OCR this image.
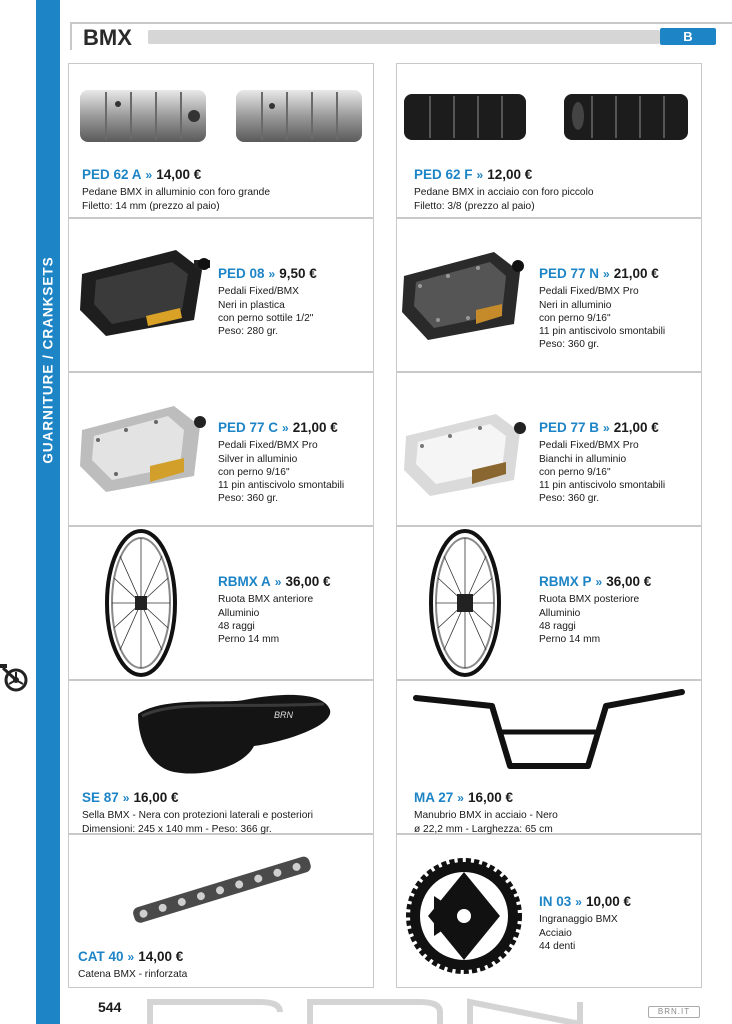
GUARNITURE / CRANKSETS
BMX	B
BRN
PED 62 A » 14,00 €
Pedane BMX in alluminio con foro grande
Filetto: 14 mm (prezzo al paio)
PED 62 F » 12,00 €
Pedane BMX in acciaio con foro piccolo
Filetto: 3/8 (prezzo al paio)
PED 08 » 9,50 €
Pedali Fixed/BMX
Neri in plastica
con perno sottile 1/2"
Peso: 280 gr.
PED 77 N » 21,00 €
Pedali Fixed/BMX Pro
Neri in alluminio
con perno 9/16"
11 pin antiscivolo smontabili
Peso: 360 gr.
PED 77 C » 21,00 €
Pedali Fixed/BMX Pro
Silver in alluminio
con perno 9/16"
11 pin antiscivolo smontabili
Peso: 360 gr.
PED 77 B » 21,00 €
Pedali Fixed/BMX Pro
Bianchi in alluminio
con perno 9/16"
11 pin antiscivolo smontabili
Peso: 360 gr.
RBMX A » 36,00 €
Ruota BMX anteriore
Alluminio
48 raggi
Perno 14 mm
RBMX P » 36,00 €
Ruota BMX posteriore
Alluminio
48 raggi
Perno 14 mm
SE 87 » 16,00 €
Sella BMX - Nera con protezioni laterali e posteriori
Dimensioni: 245 x 140 mm - Peso: 366 gr.
MA 27 » 16,00 €
Manubrio BMX in acciaio - Nero
ø 22,2 mm - Larghezza: 65 cm
CAT 40 » 14,00 €
Catena BMX - rinforzata
IN 03 » 10,00 €
Ingranaggio BMX
Acciaio
44 denti
544	BRN.IT
